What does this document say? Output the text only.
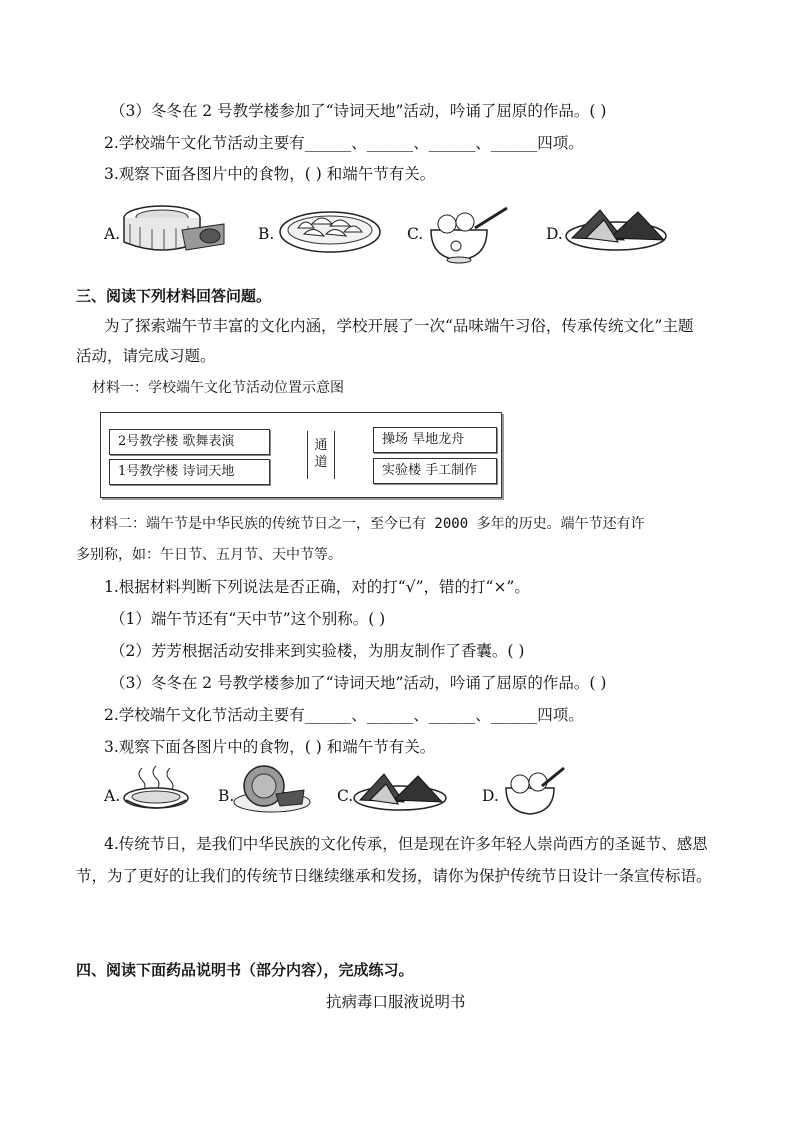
（3）冬冬在 2 号教学楼参加了“诗词天地”活动，吟诵了屈原的作品。( )
2.学校端午文化节活动主要有______、______、______、______四项。
3.观察下面各图片中的食物，( ) 和端午节有关。
A.	B.	C.	D.
三、阅读下列材料回答问题。
为了探索端午节丰富的文化内涵，学校开展了一次“品味端午习俗，传承传统文化”主题
活动，请完成习题。
材料一：学校端午文化节活动位置示意图
2号教学楼 歌舞表演
1号教学楼 诗词天地
通道
操场 旱地龙舟
实验楼 手工制作
材料二：端午节是中华民族的传统节日之一，至今已有 2000 多年的历史。端午节还有许
多别称，如：午日节、五月节、天中节等。
1.根据材料判断下列说法是否正确，对的打“√”，错的打“×”。
（1）端午节还有“天中节”这个别称。( )
（2）芳芳根据活动安排来到实验楼，为朋友制作了香囊。( )
（3）冬冬在 2 号教学楼参加了“诗词天地”活动，吟诵了屈原的作品。( )
2.学校端午文化节活动主要有______、______、______、______四项。
3.观察下面各图片中的食物，( ) 和端午节有关。
A.	B.	C.	D.
4.传统节日，是我们中华民族的文化传承，但是现在许多年轻人崇尚西方的圣诞节、感恩
节，为了更好的让我们的传统节日继续继承和发扬，请你为保护传统节日设计一条宣传标语。
四、阅读下面药品说明书（部分内容），完成练习。
抗病毒口服液说明书
